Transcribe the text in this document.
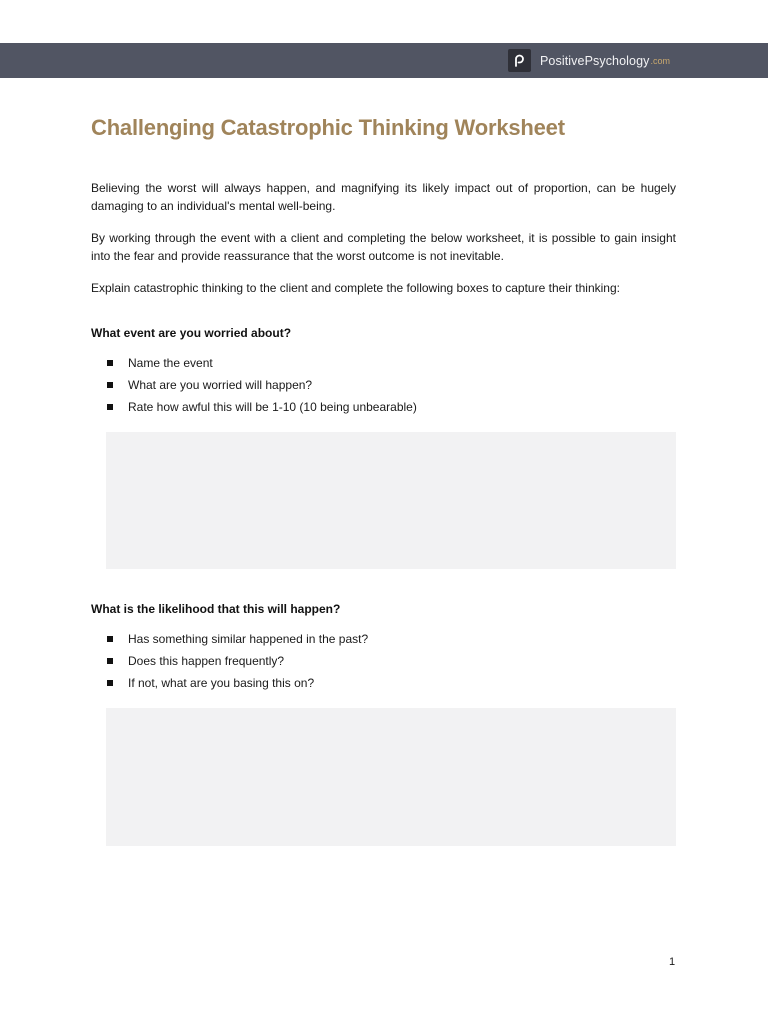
PositivePsychology .com
Challenging Catastrophic Thinking Worksheet

Believing the worst will always happen, and magnifying its likely impact out of proportion, can be hugely damaging to an individual's mental well-being.

By working through the event with a client and completing the below worksheet, it is possible to gain insight into the fear and provide reassurance that the worst outcome is not inevitable.

Explain catastrophic thinking to the client and complete the following boxes to capture their thinking:

What event are you worried about?

Name the event
What are you worried will happen?
Rate how awful this will be 1-10 (10 being unbearable)

What is the likelihood that this will happen?

Has something similar happened in the past?
Does this happen frequently?
If not, what are you basing this on?
1
